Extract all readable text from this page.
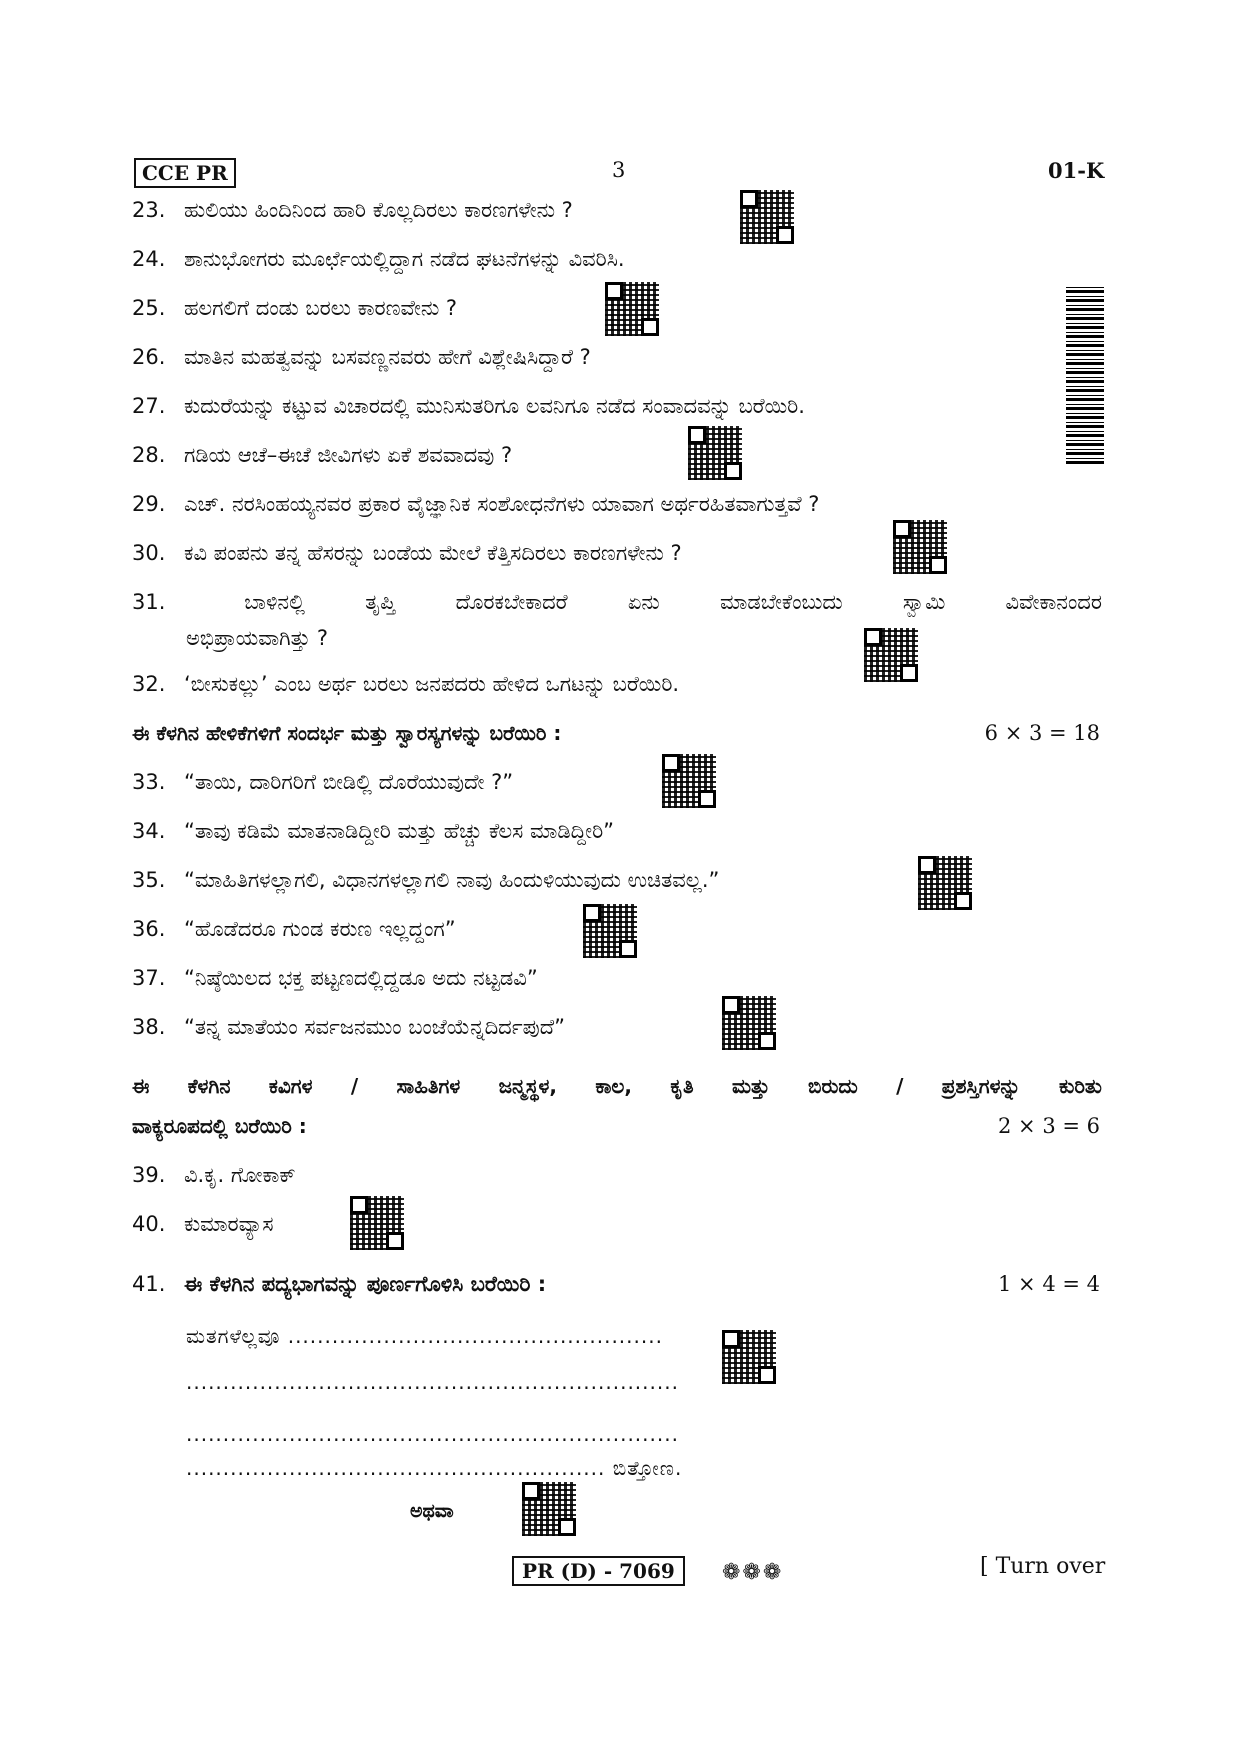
CCE PR	3	01-K
23. ಹುಲಿಯು ಹಿಂದಿನಿಂದ ಹಾರಿ ಕೊಲ್ಲದಿರಲು ಕಾರಣಗಳೇನು ?
24. ಶಾನುಭೋಗರು ಮೂರ್ಛೆಯಲ್ಲಿದ್ದಾಗ ನಡೆದ ಘಟನೆಗಳನ್ನು ವಿವರಿಸಿ.
25. ಹಲಗಲಿಗೆ ದಂಡು ಬರಲು ಕಾರಣವೇನು ?
26. ಮಾತಿನ ಮಹತ್ವವನ್ನು ಬಸವಣ್ಣನವರು ಹೇಗೆ ವಿಶ್ಲೇಷಿಸಿದ್ದಾರೆ ?
27. ಕುದುರೆಯನ್ನು ಕಟ್ಟುವ ವಿಚಾರದಲ್ಲಿ ಮುನಿಸುತರಿಗೂ ಲವನಿಗೂ ನಡೆದ ಸಂವಾದವನ್ನು ಬರೆಯಿರಿ.
28. ಗಡಿಯ ಆಚೆ–ಈಚೆ ಜೀವಿಗಳು ಏಕೆ ಶವವಾದವು ?
29. ಎಚ್. ನರಸಿಂಹಯ್ಯನವರ ಪ್ರಕಾರ ವೈಜ್ಞಾನಿಕ ಸಂಶೋಧನೆಗಳು ಯಾವಾಗ ಅರ್ಥರಹಿತವಾಗುತ್ತವೆ ?
30. ಕವಿ ಪಂಪನು ತನ್ನ ಹೆಸರನ್ನು ಬಂಡೆಯ ಮೇಲೆ ಕೆತ್ತಿಸದಿರಲು ಕಾರಣಗಳೇನು ?
31.	ಬಾಳಿನಲ್ಲಿ	ತೃಪ್ತಿ	ದೊರಕಬೇಕಾದರೆ	ಏನು	ಮಾಡಬೇಕೆಂಬುದು	ಸ್ವಾಮಿ	ವಿವೇಕಾನಂದರ
ಅಭಿಪ್ರಾಯವಾಗಿತ್ತು ?
32. ‘ಬೀಸುಕಲ್ಲು’ ಎಂಬ ಅರ್ಥ ಬರಲು ಜನಪದರು ಹೇಳಿದ ಒಗಟನ್ನು ಬರೆಯಿರಿ.
ಈ ಕೆಳಗಿನ ಹೇಳಿಕೆಗಳಿಗೆ ಸಂದರ್ಭ ಮತ್ತು ಸ್ವಾರಸ್ಯಗಳನ್ನು ಬರೆಯಿರಿ :	6 × 3 = 18
33. “ತಾಯಿ, ದಾರಿಗರಿಗೆ ಬೀಡಿಲ್ಲಿ ದೊರೆಯುವುದೇ ?”
34. “ತಾವು ಕಡಿಮೆ ಮಾತನಾಡಿದ್ದೀರಿ ಮತ್ತು ಹೆಚ್ಚು ಕೆಲಸ ಮಾಡಿದ್ದೀರಿ”
35. “ಮಾಹಿತಿಗಳಲ್ಲಾಗಲಿ, ವಿಧಾನಗಳಲ್ಲಾಗಲಿ ನಾವು ಹಿಂದುಳಿಯುವುದು ಉಚಿತವಲ್ಲ.”
36. “ಹೊಡೆದರೂ ಗುಂಡ ಕರುಣ ಇಲ್ಲದ್ದಂಗ”
37. “ನಿಷ್ಠೆಯಿಲದ ಭಕ್ತ ಪಟ್ಟಣದಲ್ಲಿದ್ದಡೂ ಅದು ನಟ್ಟಡವಿ”
38. “ತನ್ನ ಮಾತೆಯಂ ಸರ್ವಜನಮುಂ ಬಂಜೆಯೆನ್ನದಿರ್ದಪುದೆ”
ಈ ಕೆಳಗಿನ ಕವಿಗಳ / ಸಾಹಿತಿಗಳ ಜನ್ಮಸ್ಥಳ, ಕಾಲ, ಕೃತಿ ಮತ್ತು ಬಿರುದು / ಪ್ರಶಸ್ತಿಗಳನ್ನು ಕುರಿತು
ವಾಕ್ಯರೂಪದಲ್ಲಿ ಬರೆಯಿರಿ :	2 × 3 = 6
39. ವಿ.ಕೃ. ಗೋಕಾಕ್
40. ಕುಮಾರವ್ಯಾಸ
41. ಈ ಕೆಳಗಿನ ಪದ್ಯಭಾಗವನ್ನು ಪೂರ್ಣಗೊಳಿಸಿ ಬರೆಯಿರಿ :	1 × 4 = 4
ಮತಗಳೆಲ್ಲವೂ ...................................................
...................................................................
...................................................................
......................................................... ಬಿತ್ತೋಣ.
ಅಥವಾ
PR (D) - 7069	❁❁❁	[ Turn over
